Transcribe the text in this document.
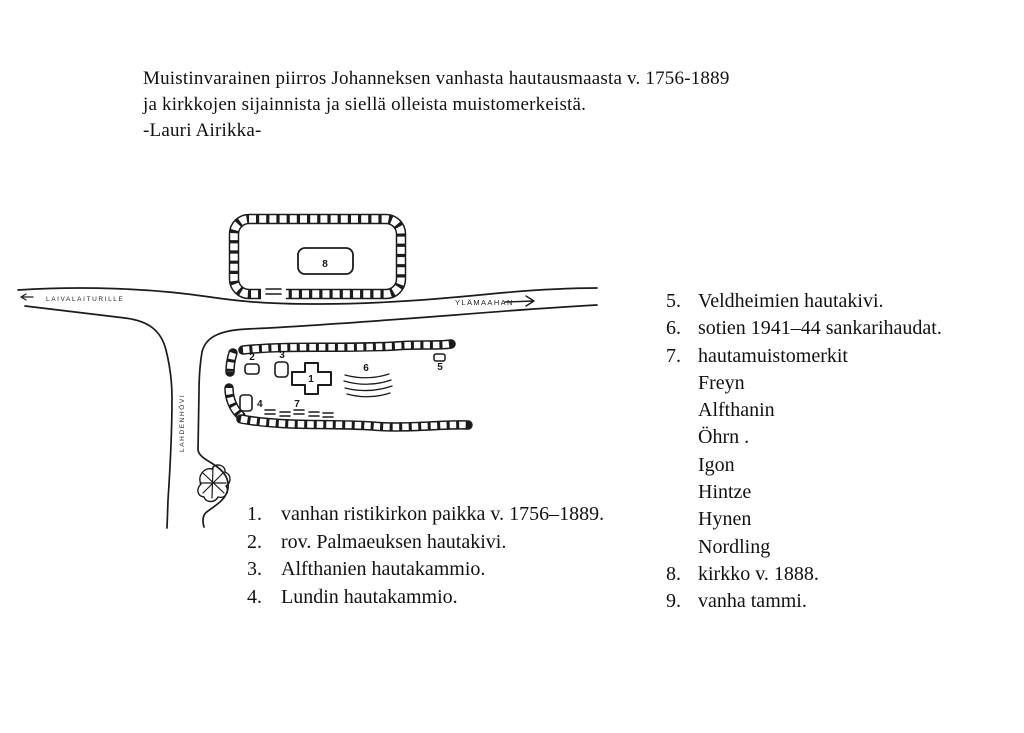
Muistinvarainen piirros Johanneksen vanhasta hautausmaasta v. 1756-1889
ja kirkkojen sijainnista ja siellä olleista muistomerkeistä.
-Lauri Airikka-
LAIVALAITURILLE	YLÄMAAHAN
LAHDENHÖVI
8
2 3
1
6	5
4	7
1. vanhan ristikirkon paikka v. 1756–1889.
2. rov. Palmaeuksen hautakivi.
3. Alfthanien hautakammio.
4. Lundin hautakammio.
5. Veldheimien hautakivi.
6. sotien 1941–44 sankarihaudat.
7. hautamuistomerkit
Freyn
Alfthanin
Öhrn .
Igon
Hintze
Hynen
Nordling
8. kirkko v. 1888.
9. vanha tammi.
